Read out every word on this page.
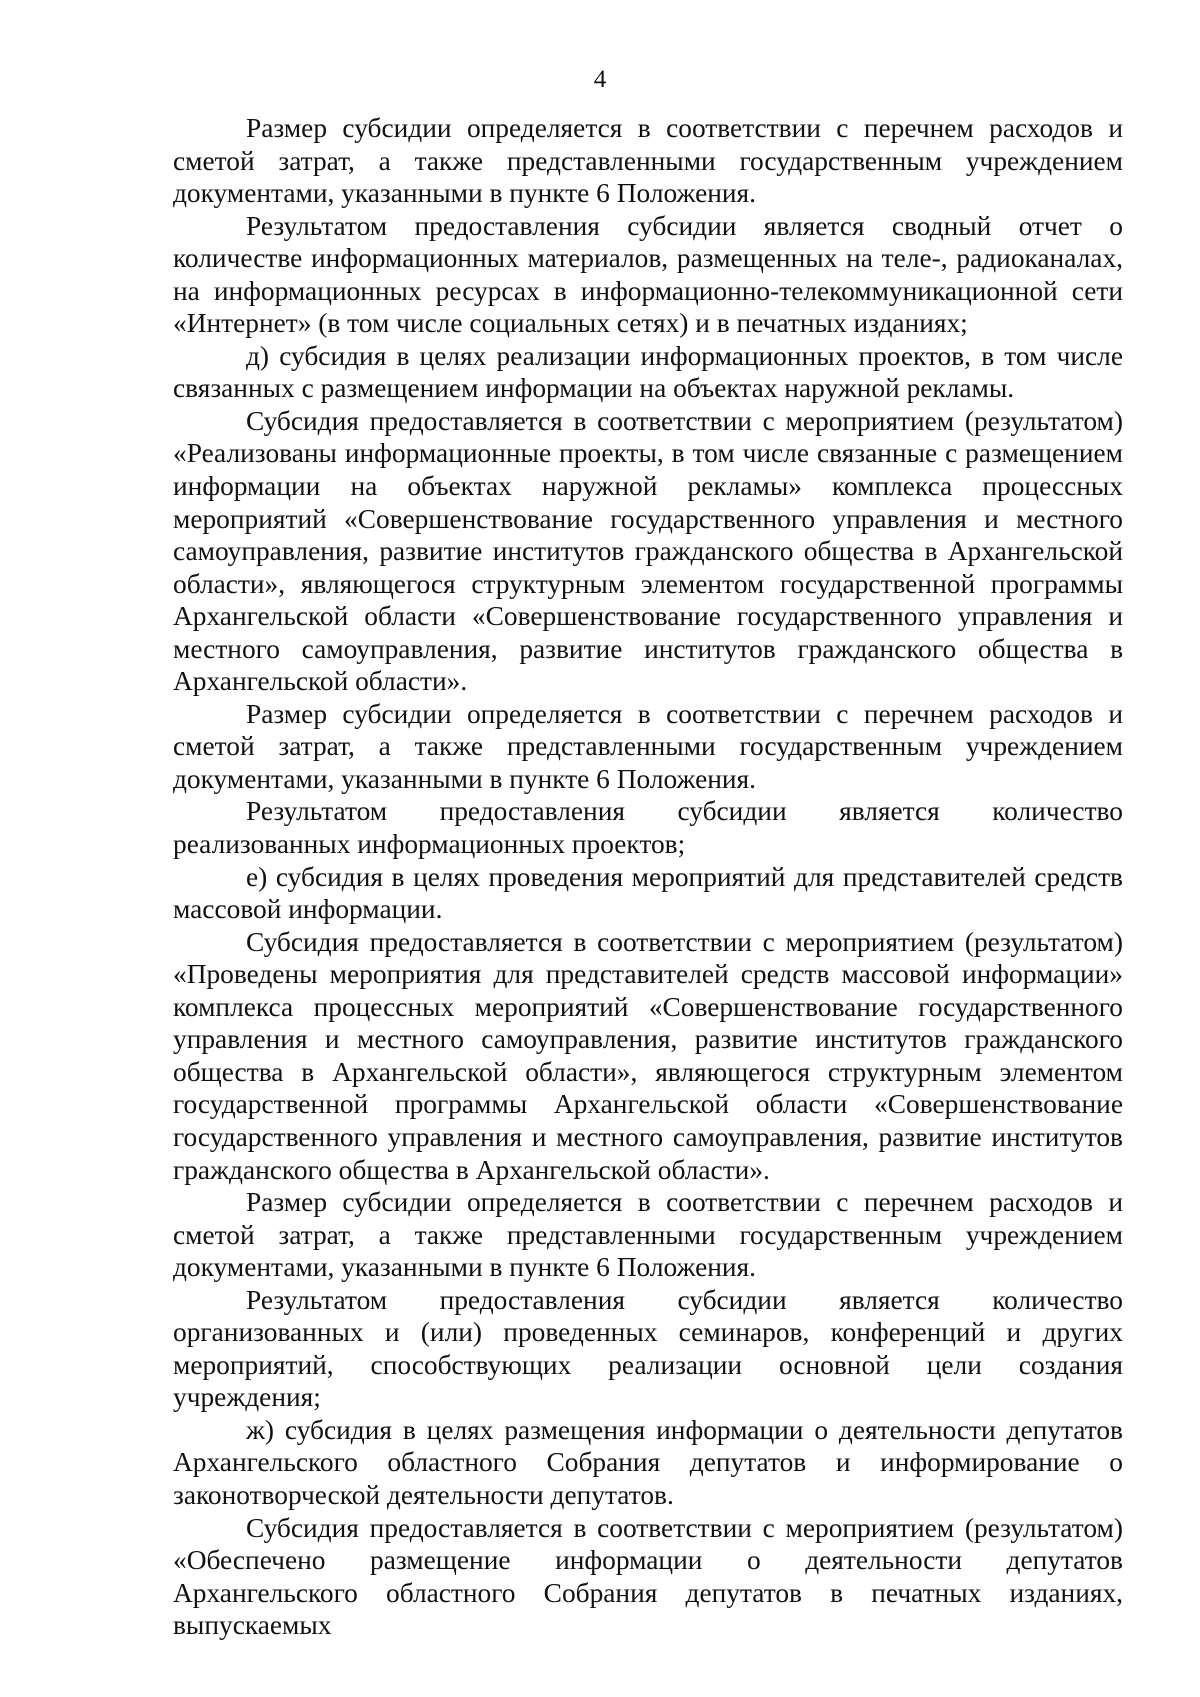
4

Размер субсидии определяется в соответствии с перечнем расходов и сметой затрат, а также представленными государственным учреждением документами, указанными в пункте 6 Положения.

Результатом предоставления субсидии является сводный отчет о количестве информационных материалов, размещенных на теле-, радиоканалах, на информационных ресурсах в информационно-телекоммуникационной сети «Интернет» (в том числе социальных сетях) и в печатных изданиях;

д) субсидия в целях реализации информационных проектов, в том числе связанных с размещением информации на объектах наружной рекламы.

Субсидия предоставляется в соответствии с мероприятием (результатом) «Реализованы информационные проекты, в том числе связанные с размещением информации на объектах наружной рекламы» комплекса процессных мероприятий «Совершенствование государственного управления и местного самоуправления, развитие институтов гражданского общества в Архангельской области», являющегося структурным элементом государственной программы Архангельской области «Совершенствование государственного управления и местного самоуправления, развитие институтов гражданского общества в Архангельской области».

Размер субсидии определяется в соответствии с перечнем расходов и сметой затрат, а также представленными государственным учреждением документами, указанными в пункте 6 Положения.

Результатом предоставления субсидии является количество реализованных информационных проектов;

е) субсидия в целях проведения мероприятий для представителей средств массовой информации.

Субсидия предоставляется в соответствии с мероприятием (результатом) «Проведены мероприятия для представителей средств массовой информации» комплекса процессных мероприятий «Совершенствование государственного управления и местного самоуправления, развитие институтов гражданского общества в Архангельской области», являющегося структурным элементом государственной программы Архангельской области «Совершенствование государственного управления и местного самоуправления, развитие институтов гражданского общества в Архангельской области».

Размер субсидии определяется в соответствии с перечнем расходов и сметой затрат, а также представленными государственным учреждением документами, указанными в пункте 6 Положения.

Результатом предоставления субсидии является количество организованных и (или) проведенных семинаров, конференций и других мероприятий, способствующих реализации основной цели создания учреждения;

ж) субсидия в целях размещения информации о деятельности депутатов Архангельского областного Собрания депутатов и информирование о законотворческой деятельности депутатов.

Субсидия предоставляется в соответствии с мероприятием (результатом) «Обеспечено размещение информации о деятельности депутатов Архангельского областного Собрания депутатов в печатных изданиях, выпускаемых
